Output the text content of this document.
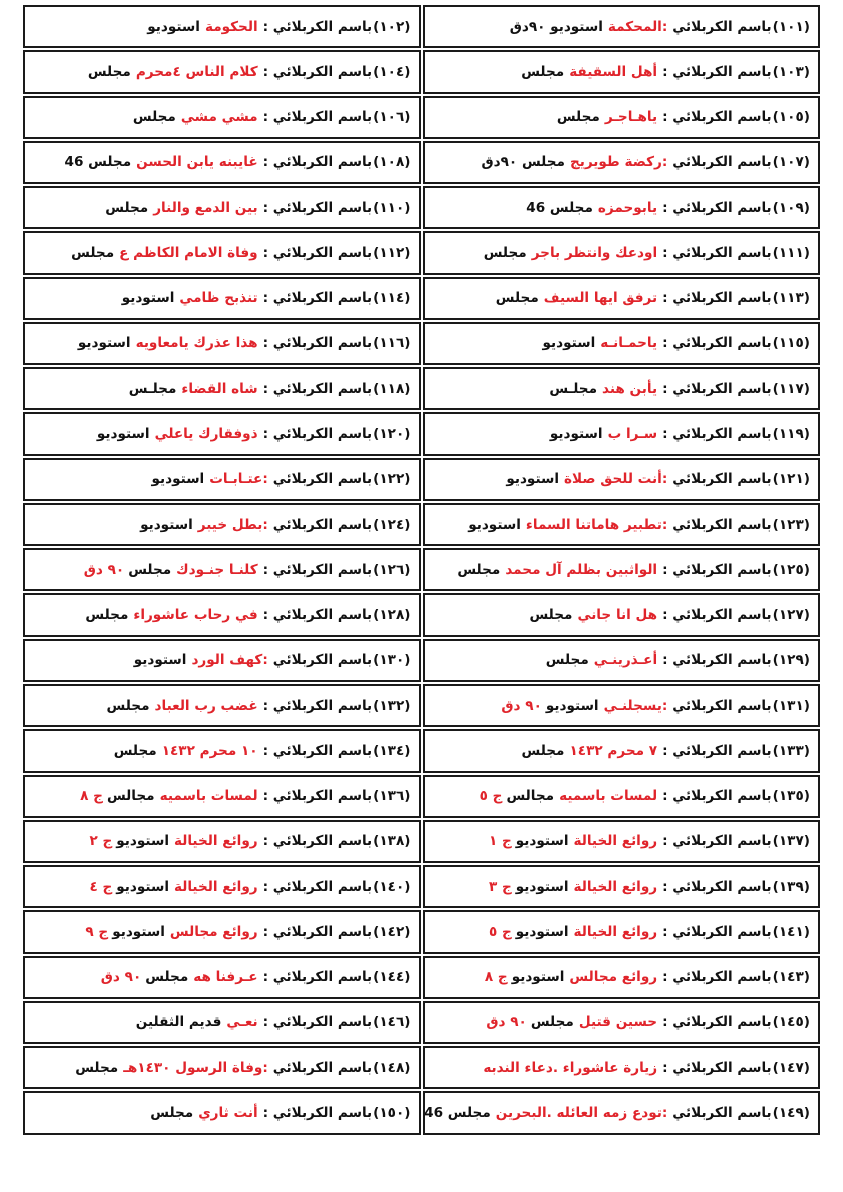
(١٠١)
باسم الكربلائي
:المحكمة
استوديو ٩٠دق
(١٠٢)
باسم الكربلائي :
الحكومة
استوديو
(١٠٣)
باسم الكربلائي :
أهل السقيفة
مجلس
(١٠٤)
باسم الكربلائي :
كلام الناس ٤محرم
مجلس
(١٠٥)
باسم الكربلائي :
ياهـاجـر
مجلس
(١٠٦)
باسم الكربلائي :
مشي مشي
مجلس
(١٠٧)
باسم الكربلائي
:ركضة طويريج
مجلس ٩٠دق
(١٠٨)
باسم الكربلائي :
غايبنه يابن الحسن
مجلس 46
(١٠٩)
باسم الكربلائي :
يابوحمزه
مجلس 46
(١١٠)
باسم الكربلائي :
بين الدمع والنار
مجلس
(١١١)
باسم الكربلائي :
اودعك وانتظر باجر
مجلس
(١١٢)
باسم الكربلائي :
وفاة الامام الكاظم ع
مجلس
(١١٣)
باسم الكربلائي :
ترفق ايها السيف
مجلس
(١١٤)
باسم الكربلائي :
تنذبح ظامي
استوديو
(١١٥)
باسم الكربلائي :
ياحمـانـه
استوديو
(١١٦)
باسم الكربلائي :
هذا عذرك يامعاويه
استوديو
(١١٧)
باسم الكربلائي :
يأبن هند
مجلـس
(١١٨)
باسم الكربلائي :
شاه القضاء
مجلـس
(١١٩)
باسم الكربلائي :
سـرا ب
استوديو
(١٢٠)
باسم الكربلائي :
ذوفقارك ياعلي
استوديو
(١٢١)
باسم الكربلائي
:أنت للحق صلاة
استوديو
(١٢٢)
باسم الكربلائي
:عتـابـات
استوديو
(١٢٣)
باسم الكربلائي
:تطبير هاماتنا السماء
استوديو
(١٢٤)
باسم الكربلائي
:بطل خيبر
استوديو
(١٢٥)
باسم الكربلائي :
الواثبين بظلم آل محمد
مجلس
(١٢٦)
باسم الكربلائي :
كلنـا جنـودك
مجلس
٩٠ دق
(١٢٧)
باسم الكربلائي :
هل انا جاني
مجلس
(١٢٨)
باسم الكربلائي :
في رحاب عاشوراء
مجلس
(١٢٩)
باسم الكربلائي :
أعـذرينـي
مجلس
(١٣٠)
باسم الكربلائي
:كهف الورد
استوديو
(١٣١)
باسم الكربلائي
:يسجلنـي
استوديو
٩٠ دق
(١٣٢)
باسم الكربلائي :
غضب رب العباد
مجلس
(١٣٣)
باسم الكربلائي :
٧ محرم ١٤٣٢
مجلس
(١٣٤)
باسم الكربلائي :
١٠ محرم ١٤٣٢
مجلس
(١٣٥)
باسم الكربلائي :
لمسات باسميه
مجالس
ج ٥
(١٣٦)
باسم الكربلائي :
لمسات باسميه
مجالس
ج ٨
(١٣٧)
باسم الكربلائي :
روائع الخيالة
استوديو
ج ١
(١٣٨)
باسم الكربلائي :
روائع الخيالة
استوديو
ج ٢
(١٣٩)
باسم الكربلائي :
روائع الخيالة
استوديو
ج ٣
(١٤٠)
باسم الكربلائي :
روائع الخيالة
استوديو
ج ٤
(١٤١)
باسم الكربلائي :
روائع الخيالة
استوديو
ج ٥
(١٤٢)
باسم الكربلائي :
روائع مجالس
استوديو
ج ٩
(١٤٣)
باسم الكربلائي :
روائع مجالس
استوديو
ج ٨
(١٤٤)
باسم الكربلائي :
عـرفنا هه
مجلس
٩٠ دق
(١٤٥)
باسم الكربلائي :
حسين قتيل
مجلس
٩٠ دق
(١٤٦)
باسم الكربلائي :
نعـي
قديم الثقلين
(١٤٧)
باسم الكربلائي :
زيارة عاشوراء .دعاء الندبه
(١٤٨)
باسم الكربلائي
:وفاة الرسول ١٤٣٠هـ
مجلس
(١٤٩)
باسم الكربلائي
:تودع زمه العائله .البحرين
مجلس 46
(١٥٠)
باسم الكربلائي :
أنت ثاري
مجلس
